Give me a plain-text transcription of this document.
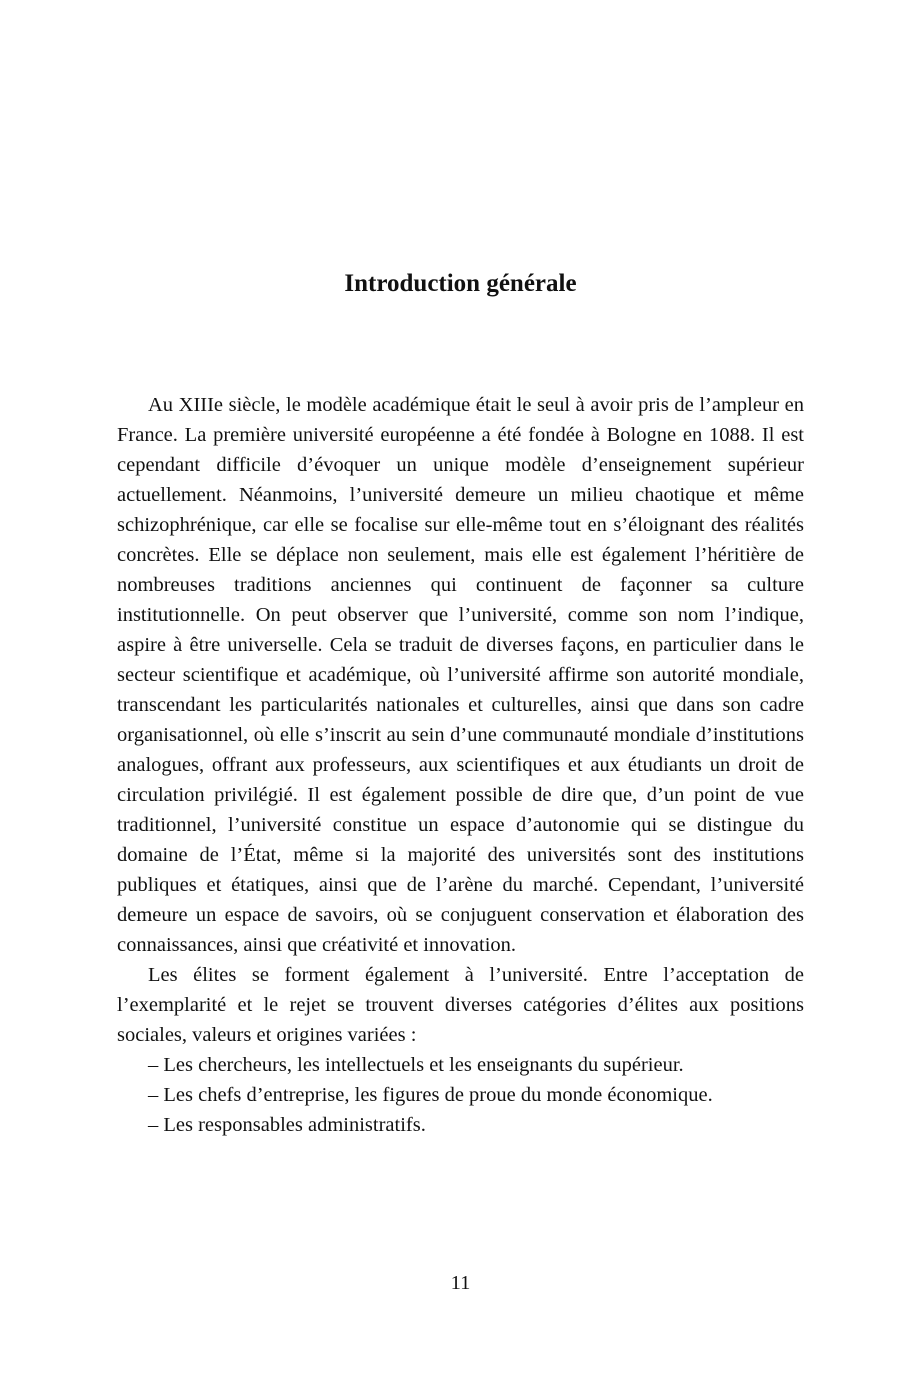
Introduction générale

Au XIIIe siècle, le modèle académique était le seul à avoir pris de l’ampleur en France. La première université européenne a été fondée à Bologne en 1088. Il est cependant difficile d’évoquer un unique modèle d’enseignement supérieur actuellement. Néanmoins, l’université demeure un milieu chaotique et même schizophrénique, car elle se focalise sur elle-même tout en s’éloignant des réalités concrètes. Elle se déplace non seulement, mais elle est également l’héritière de nombreuses traditions anciennes qui continuent de façonner sa culture institutionnelle. On peut observer que l’université, comme son nom l’indique, aspire à être universelle. Cela se traduit de diverses façons, en particulier dans le secteur scientifique et académique, où l’université affirme son autorité mondiale, transcendant les particularités nationales et culturelles, ainsi que dans son cadre organisationnel, où elle s’inscrit au sein d’une communauté mondiale d’institutions analogues, offrant aux professeurs, aux scientifiques et aux étudiants un droit de circulation privilégié. Il est également possible de dire que, d’un point de vue traditionnel, l’université constitue un espace d’autonomie qui se distingue du domaine de l’État, même si la majorité des universités sont des institutions publiques et étatiques, ainsi que de l’arène du marché. Cependant, l’université demeure un espace de savoirs, où se conjuguent conservation et élaboration des connaissances, ainsi que créativité et innovation.

Les élites se forment également à l’université. Entre l’acceptation de l’exemplarité et le rejet se trouvent diverses catégories d’élites aux positions sociales, valeurs et origines variées :

– Les chercheurs, les intellectuels et les enseignants du supérieur.
– Les chefs d’entreprise, les figures de proue du monde économique.
– Les responsables administratifs.
11
